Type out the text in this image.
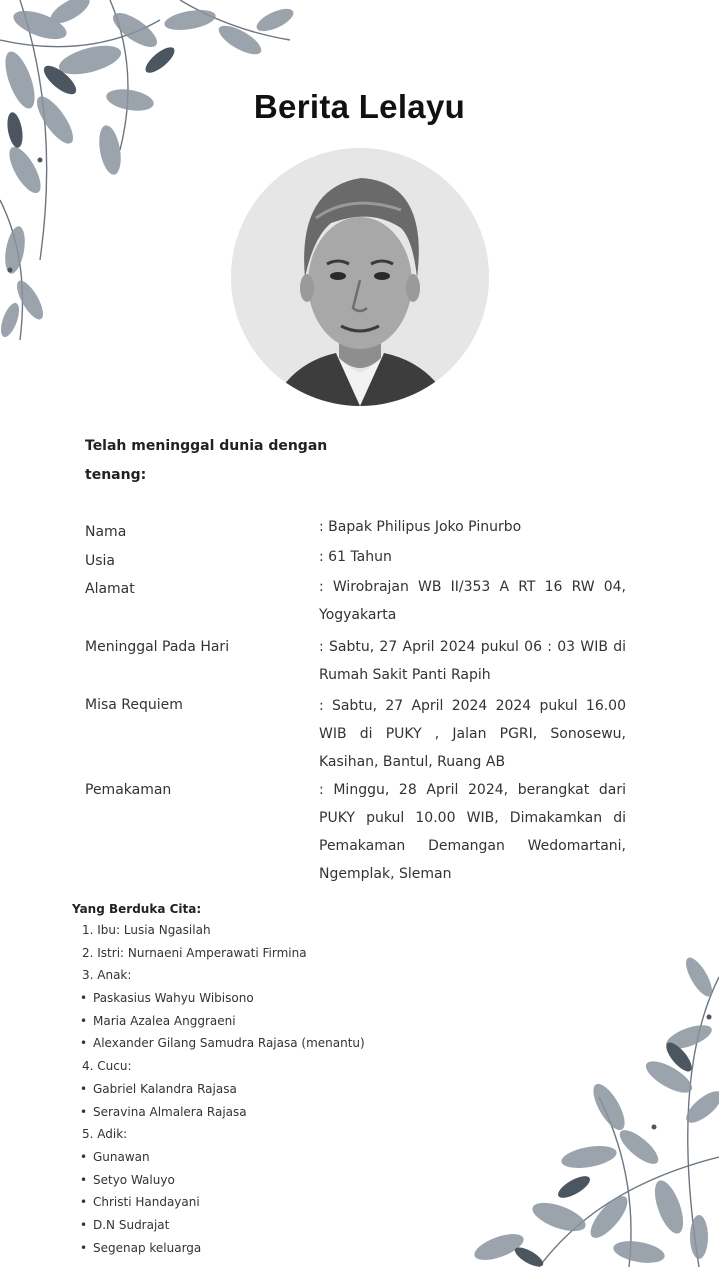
Berita Lelayu
Telah meninggal dunia dengan tenang:
Nama	: Bapak Philipus Joko Pinurbo
Usia	: 61 Tahun
Alamat	: Wirobrajan WB II/353 A RT 16 RW 04, Yogyakarta
Meninggal Pada Hari	: Sabtu, 27 April 2024 pukul 06 : 03 WIB di Rumah Sakit Panti Rapih
Misa Requiem	: Sabtu, 27 April 2024 2024 pukul 16.00 WIB di PUKY , Jalan PGRI, Sonosewu, Kasihan, Bantul, Ruang AB
Pemakaman	: Minggu, 28 April 2024, berangkat dari PUKY pukul 10.00 WIB, Dimakamkan di Pemakaman Demangan Wedomartani, Ngemplak, Sleman
Yang Berduka Cita:
1. Ibu: Lusia Ngasilah
2. Istri: Nurnaeni Amperawati Firmina
3. Anak:
• Paskasius Wahyu Wibisono
• Maria Azalea Anggraeni
• Alexander Gilang Samudra Rajasa (menantu)
4. Cucu:
• Gabriel Kalandra Rajasa
• Seravina Almalera Rajasa
5. Adik:
• Gunawan
• Setyo Waluyo
• Christi Handayani
• D.N Sudrajat
• Segenap keluarga
